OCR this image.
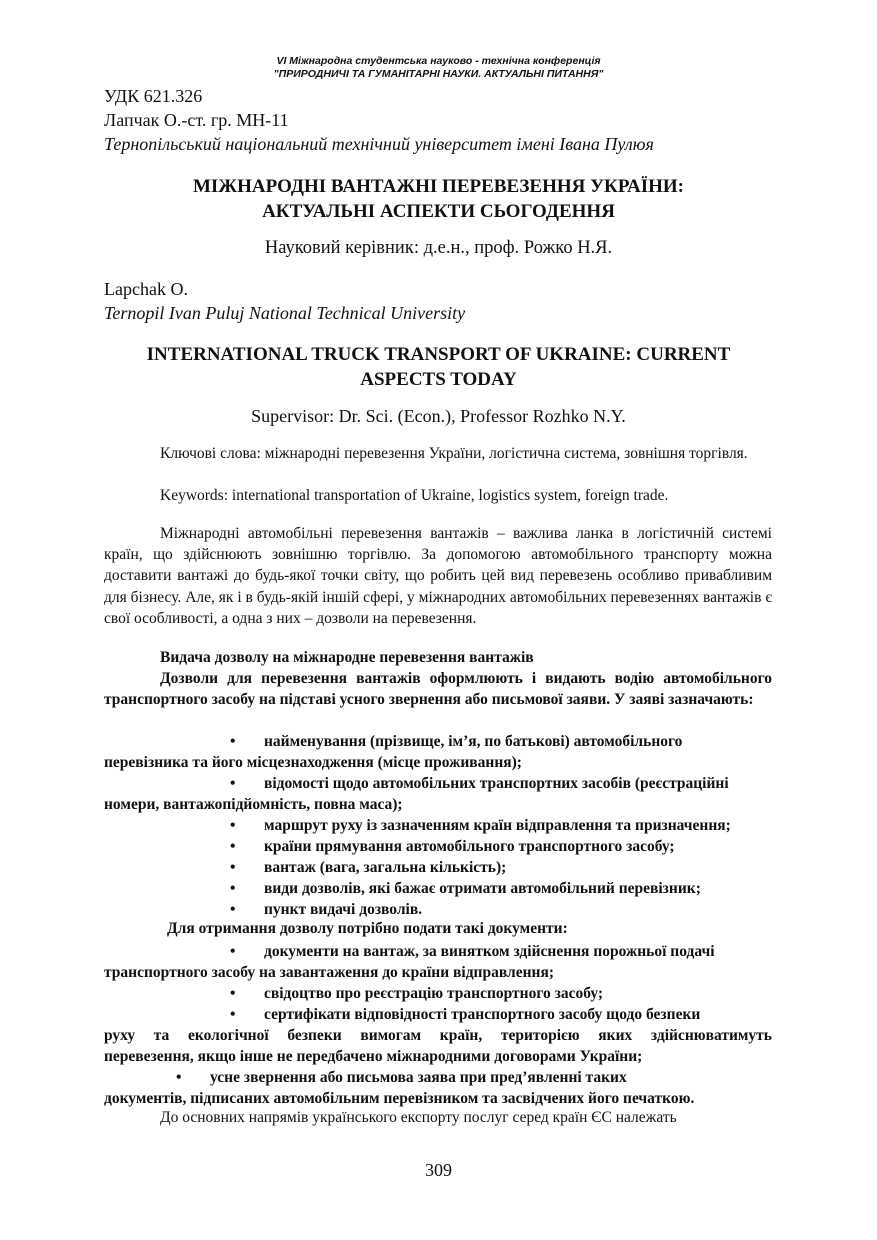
VI Міжнародна студентська науково - технічна конференція
"ПРИРОДНИЧІ ТА ГУМАНІТАРНІ НАУКИ. АКТУАЛЬНІ ПИТАННЯ"
УДК 621.326
Лапчак О.-ст. гр. МН-11
Тернопільський національний технічний університет імені Івана Пулюя
МІЖНАРОДНІ ВАНТАЖНІ ПЕРЕВЕЗЕННЯ УКРАЇНИ:
АКТУАЛЬНІ АСПЕКТИ СЬОГОДЕННЯ
Науковий керівник: д.е.н., проф. Рожко Н.Я.
Lapchak O.
Ternopil Ivan Puluj National Technical University
INTERNATIONAL TRUCK TRANSPORT OF UKRAINE: CURRENT
ASPECTS TODAY
Supervisor: Dr. Sci. (Econ.), Professor Rozhko N.Y.
Ключові слова: міжнародні перевезення України, логістична система, зовнішня торгівля.
Keywords: international transportation of Ukraine, logistics system, foreign trade.
Міжнародні автомобільні перевезення вантажів – важлива ланка в логістичній системі країн, що здійснюють зовнішню торгівлю. За допомогою автомобільного транспорту можна доставити вантажі до будь-якої точки світу, що робить цей вид перевезень особливо привабливим для бізнесу. Але, як і в будь-якій іншій сфері, у міжнародних автомобільних перевезеннях вантажів є свої особливості, а одна з них – дозволи на перевезення.
Видача дозволу на міжнародне перевезення вантажів
Дозволи для перевезення вантажів оформлюють і видають водію автомобільного транспортного засобу на підставі усного звернення або письмової заяви. У заяві зазначають:
• найменування (прізвище, ім’я, по батькові) автомобільного
перевізника та його місцезнаходження (місце проживання);
• відомості щодо автомобільних транспортних засобів (реєстраційні
номери, вантажопідйомність, повна маса);
• маршрут руху із зазначенням країн відправлення та призначення;
• країни прямування автомобільного транспортного засобу;
• вантаж (вага, загальна кількість);
• види дозволів, які бажає отримати автомобільний перевізник;
• пункт видачі дозволів.
Для отримання дозволу потрібно подати такі документи:
• документи на вантаж, за винятком здійснення порожньої подачі
транспортного засобу на завантаження до країни відправлення;
• свідоцтво про реєстрацію транспортного засобу;
• сертифікати відповідності транспортного засобу щодо безпеки
руху та екологічної безпеки вимогам країн, територією яких здійснюватимуть
перевезення, якщо інше не передбачено міжнародними договорами України;
• усне звернення або письмова заява при пред’явленні таких
документів, підписаних автомобільним перевізником та засвідчених його печаткою.
До основних напрямів українського експорту послуг серед країн ЄС належать
309
